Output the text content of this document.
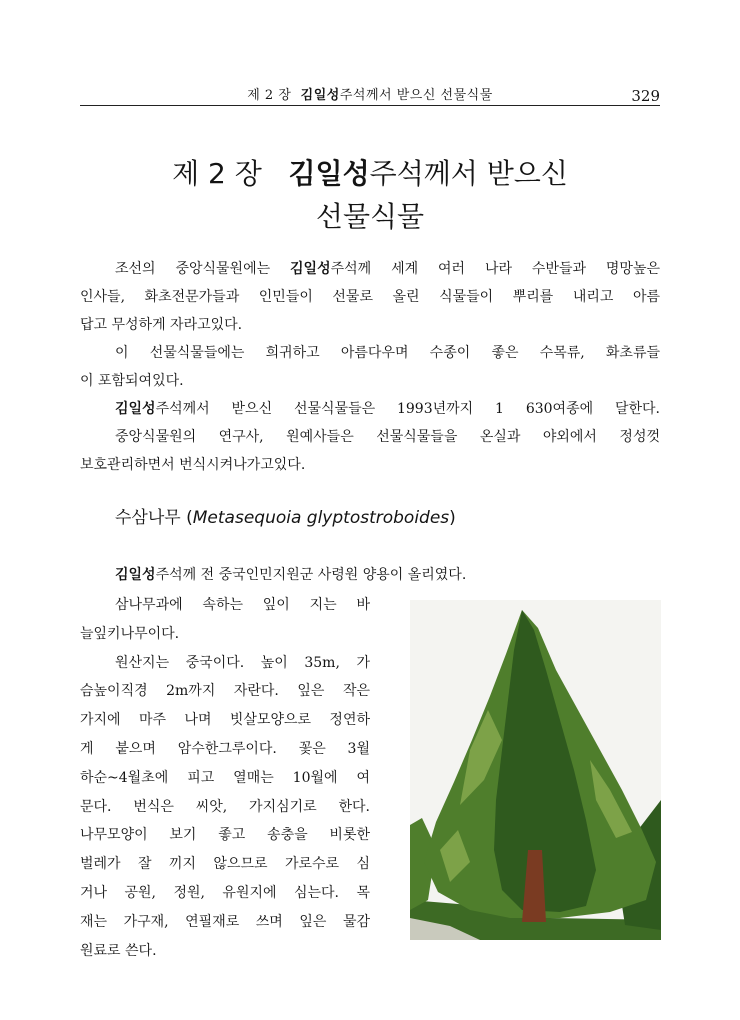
제 2 장 김일성주석께서 받으신 선물식물	329
제 2 장 김일성주석께서 받으신
선물식물
조선의 중앙식물원에는 김일성주석께 세계 여러 나라 수반들과 명망높은
인사들, 화초전문가들과 인민들이 선물로 올린 식물들이 뿌리를 내리고 아름
답고 무성하게 자라고있다.
이 선물식물들에는 희귀하고 아름다우며 수종이 좋은 수목류, 화초류들
이 포함되여있다.
김일성주석께서 받으신 선물식물들은 1993년까지 1 630여종에 달한다.
중앙식물원의 연구사, 원예사들은 선물식물들을 온실과 야외에서 정성껏
보호관리하면서 번식시켜나가고있다.
수삼나무 (Metasequoia glyptostroboides)
김일성주석께 전 중국인민지원군 사령원 양용이 올리였다.
삼나무과에 속하는 잎이 지는 바
늘잎키나무이다.
원산지는 중국이다. 높이 35m, 가
슴높이직경 2m까지 자란다. 잎은 작은
가지에 마주 나며 빗살모양으로 정연하
게 붙으며 암수한그루이다. 꽃은 3월
하순~4월초에 피고 열매는 10월에 여
문다. 번식은 씨앗, 가지심기로 한다.
나무모양이 보기 좋고 송충을 비롯한
벌레가 잘 끼지 않으므로 가로수로 심
거나 공원, 정원, 유원지에 심는다. 목
재는 가구재, 연필재로 쓰며 잎은 물감
원료로 쓴다.
